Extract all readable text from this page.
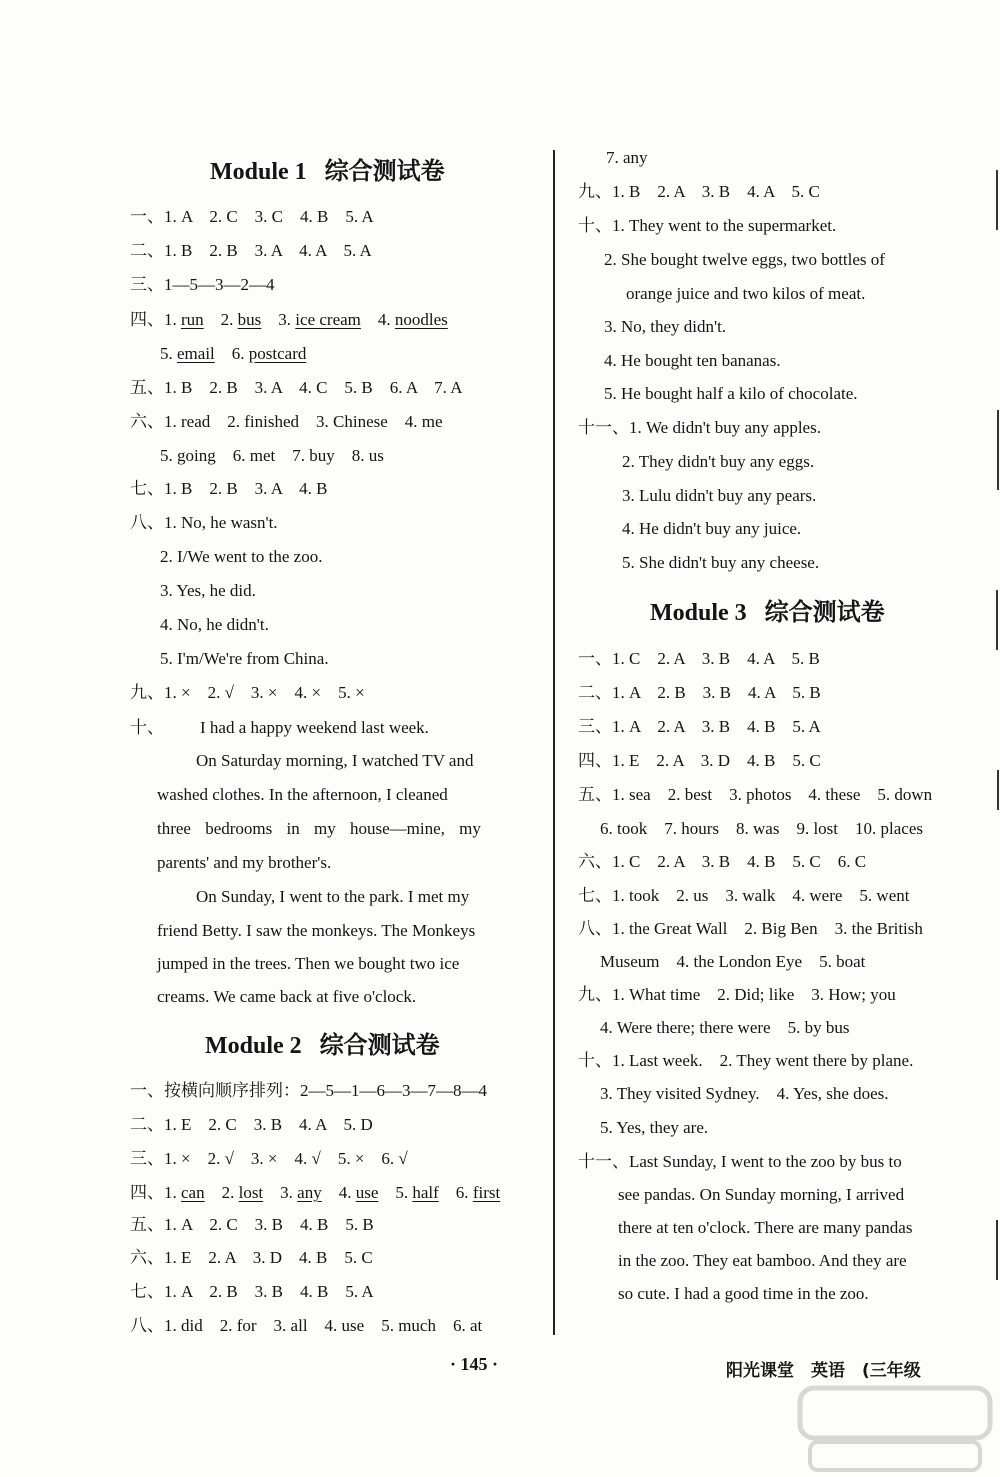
Module 1 综合测试卷
一、1. A　2. C　3. C　4. B　5. A
二、1. B　2. B　3. A　4. A　5. A
三、1—5—3—2—4
四、1. run　2. bus　3. ice cream　4. noodles
5. email　6. postcard
五、1. B　2. B　3. A　4. C　5. B　6. A　7. A
六、1. read　2. finished　3. Chinese　4. me
5. going　6. met　7. buy　8. us
七、1. B　2. B　3. A　4. B
八、1. No, he wasn't.
2. I/We went to the zoo.
3. Yes, he did.
4. No, he didn't.
5. I'm/We're from China.
九、1. ×　2. √　3. ×　4. ×　5. ×
十、 I had a happy weekend last week.
On Saturday morning, I watched TV and
washed clothes. In the afternoon, I cleaned
three bedrooms in my house—mine, my
parents' and my brother's.
On Sunday, I went to the park. I met my
friend Betty. I saw the monkeys. The Monkeys
jumped in the trees. Then we bought two ice
creams. We came back at five o'clock.
Module 2 综合测试卷
一、按横向顺序排列：2—5—1—6—3—7—8—4
二、1. E　2. C　3. B　4. A　5. D
三、1. ×　2. √　3. ×　4. √　5. ×　6. √
四、1. can　2. lost　3. any　4. use　5. half　6. first
五、1. A　2. C　3. B　4. B　5. B
六、1. E　2. A　3. D　4. B　5. C
七、1. A　2. B　3. B　4. B　5. A
八、1. did　2. for　3. all　4. use　5. much　6. at
7. any
九、1. B　2. A　3. B　4. A　5. C
十、1. They went to the supermarket.
2. She bought twelve eggs, two bottles of
orange juice and two kilos of meat.
3. No, they didn't.
4. He bought ten bananas.
5. He bought half a kilo of chocolate.
十一、1. We didn't buy any apples.
2. They didn't buy any eggs.
3. Lulu didn't buy any pears.
4. He didn't buy any juice.
5. She didn't buy any cheese.
Module 3 综合测试卷
一、1. C　2. A　3. B　4. A　5. B
二、1. A　2. B　3. B　4. A　5. B
三、1. A　2. A　3. B　4. B　5. A
四、1. E　2. A　3. D　4. B　5. C
五、1. sea　2. best　3. photos　4. these　5. down
6. took　7. hours　8. was　9. lost　10. places
六、1. C　2. A　3. B　4. B　5. C　6. C
七、1. took　2. us　3. walk　4. were　5. went
八、1. the Great Wall　2. Big Ben　3. the British
Museum　4. the London Eye　5. boat
九、1. What time　2. Did; like　3. How; you
4. Were there; there were　5. by bus
十、1. Last week.　2. They went there by plane.
3. They visited Sydney.　4. Yes, she does.
5. Yes, they are.
十一、Last Sunday, I went to the zoo by bus to
see pandas. On Sunday morning, I arrived
there at ten o'clock. There are many pandas
in the zoo. They eat bamboo. And they are
so cute. I had a good time in the zoo.
· 145 ·	阳光课堂　英语　(三年级
